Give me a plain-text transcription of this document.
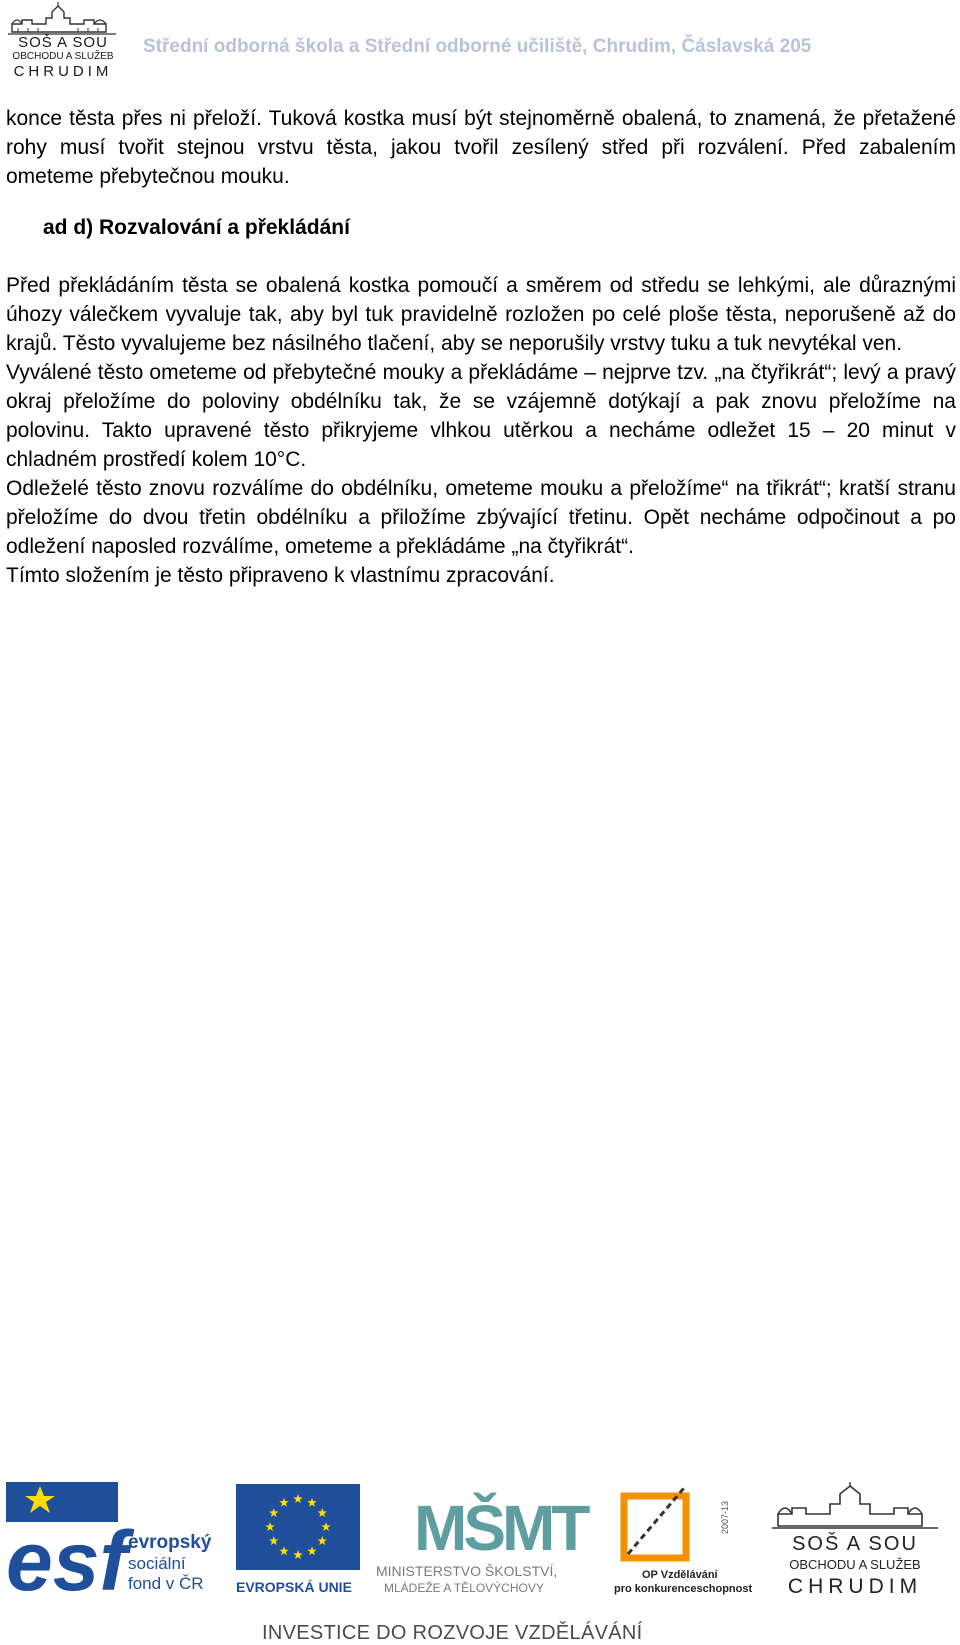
SOŠ A SOU
OBCHODU A SLUŽEB
CHRUDIM
Střední odborná škola a Střední odborné učiliště, Chrudim, Čáslavská 205

konce těsta přes ni přeloží. Tuková kostka musí být stejnoměrně obalená, to znamená, že přetažené rohy musí tvořit stejnou vrstvu těsta, jakou tvořil zesílený střed při rozválení. Před zabalením ometeme přebytečnou mouku.

ad d) Rozvalování a překládání

Před překládáním těsta se obalená kostka pomoučí a směrem od středu se lehkými, ale důraznými úhozy válečkem vyvaluje tak, aby byl tuk pravidelně rozložen po celé ploše těsta, neporušeně až do krajů. Těsto vyvalujeme bez násilného tlačení, aby se neporušily vrstvy tuku a tuk nevytékal ven.

Vyválené těsto ometeme od přebytečné mouky a překládáme – nejprve tzv. „na čtyřikrát“; levý a pravý okraj přeložíme do poloviny obdélníku tak, že se vzájemně dotýkají a pak znovu přeložíme na polovinu. Takto upravené těsto přikryjeme vlhkou utěrkou a necháme odležet 15 – 20 minut v chladném prostředí kolem 10°C.

Odleželé těsto znovu rozválíme do obdélníku, ometeme mouku a přeložíme“ na třikrát“; kratší stranu přeložíme do dvou třetin obdélníku a přiložíme zbývající třetinu. Opět necháme odpočinout a po odležení naposled rozválíme, ometeme a překládáme „na čtyřikrát“.

Tímto složením je těsto připraveno k vlastnímu zpracování.

esf evropský
sociální
fond v ČR EVROPSKÁ UNIE
MŠMT
MINISTERSTVO ŠKOLSTVÍ,
MLÁDEŽE A TĚLOVÝCHOVY
2007-13
OP Vzdělávání
pro konkurenceschopnost
SOŠ A SOU
OBCHODU A SLUŽEB
CHRUDIM
INVESTICE DO ROZVOJE VZDĚLÁVÁNÍ
